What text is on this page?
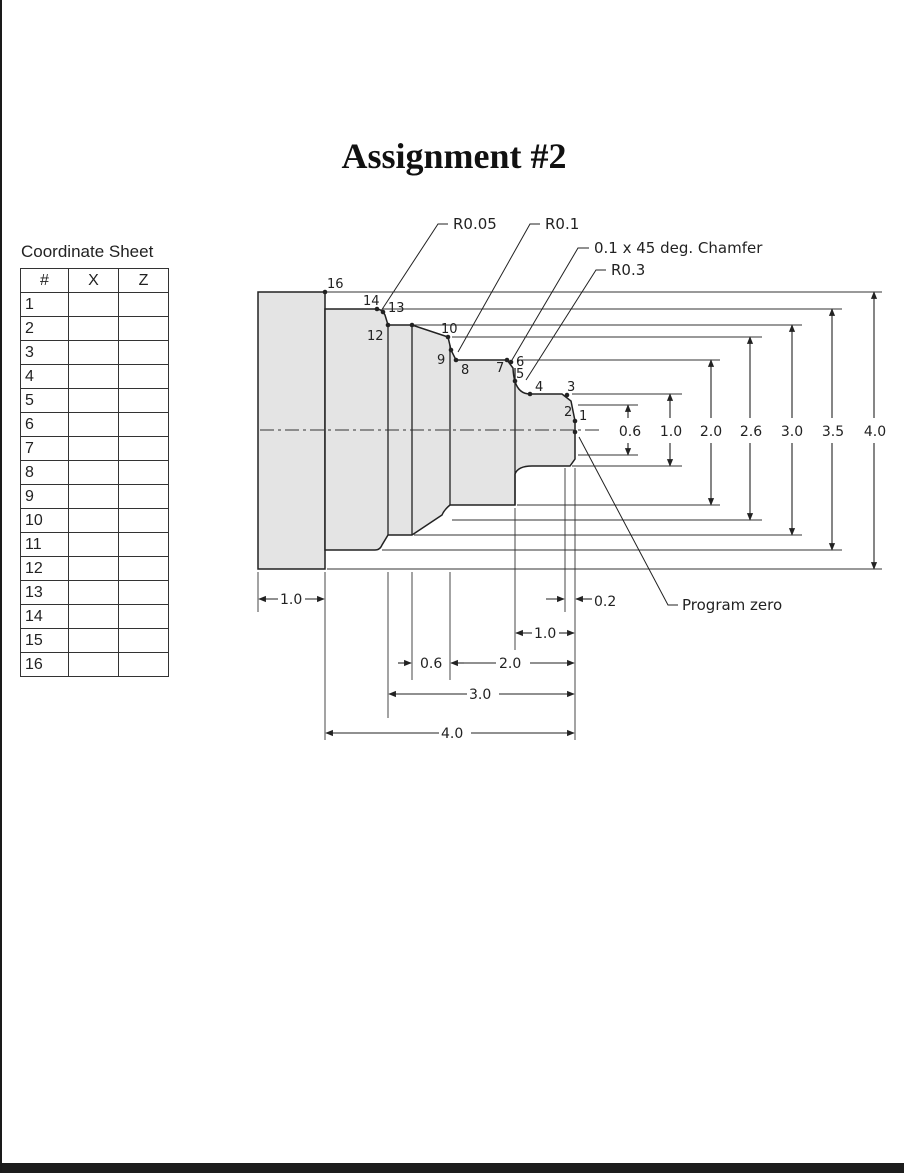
Assignment #2
Coordinate Sheet
#	X	Z
1		
2		
3		
4		
5		
6		
7		
8		
9		
10		
11		
12		
13		
14		
15		
16		
0.6 1.0 2.0 2.6 3.0 3.5 4.0
1.0	0.2
1.0
0.6	2.0
3.0
4.0
R0.05	R0.1
0.1 x 45 deg. Chamfer
R0.3
Program zero
1
2
3
4
5
6
7
8
9
10
12
13
14
16
